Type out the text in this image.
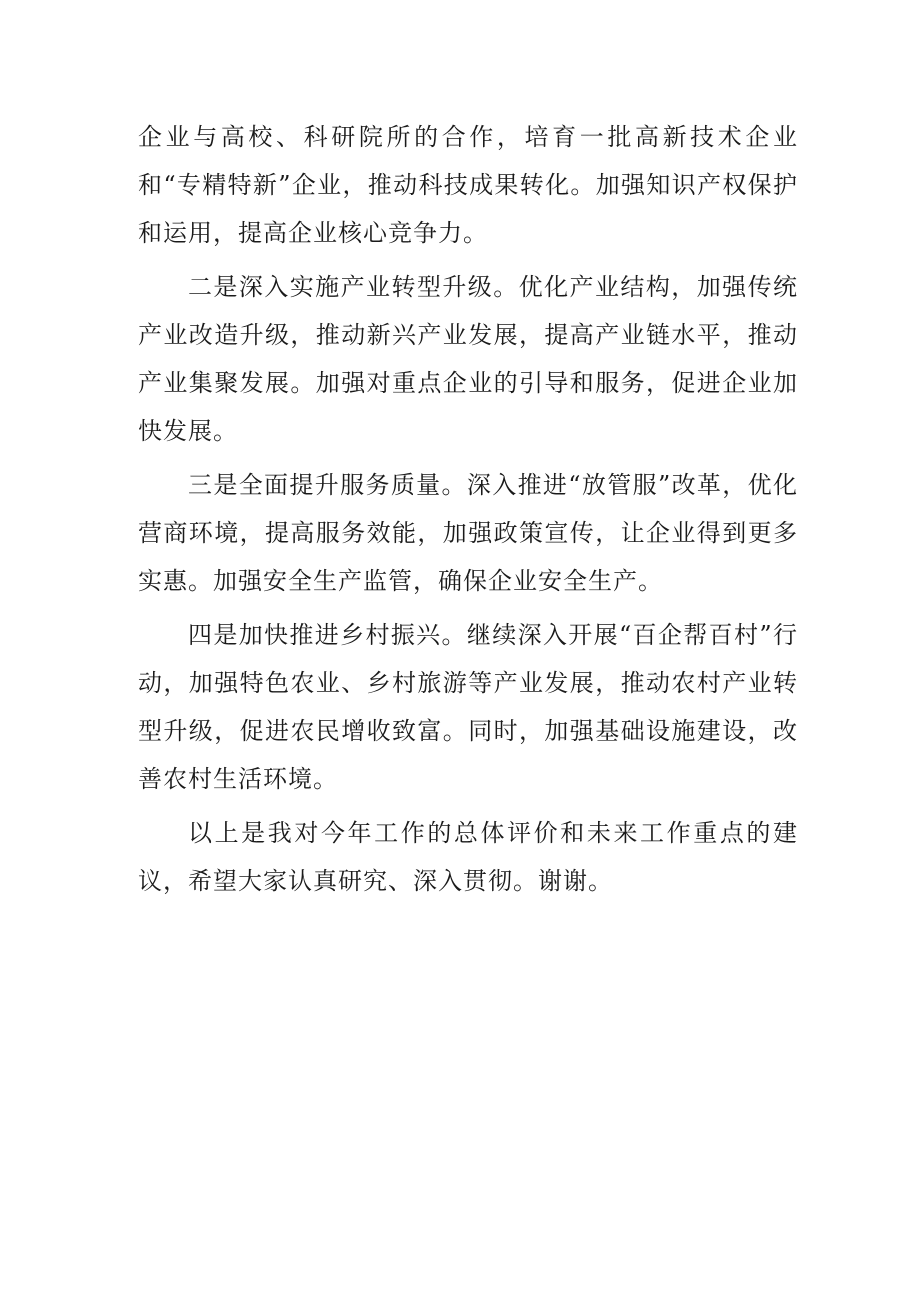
企业与高校、科研院所的合作，培育一批高新技术企业和“专精特新”企业，推动科技成果转化。加强知识产权保护和运用，提高企业核心竞争力。

二是深入实施产业转型升级。优化产业结构，加强传统产业改造升级，推动新兴产业发展，提高产业链水平，推动产业集聚发展。加强对重点企业的引导和服务，促进企业加快发展。

三是全面提升服务质量。深入推进“放管服”改革，优化营商环境，提高服务效能，加强政策宣传，让企业得到更多实惠。加强安全生产监管，确保企业安全生产。

四是加快推进乡村振兴。继续深入开展“百企帮百村”行动，加强特色农业、乡村旅游等产业发展，推动农村产业转型升级，促进农民增收致富。同时，加强基础设施建设，改善农村生活环境。

以上是我对今年工作的总体评价和未来工作重点的建议，希望大家认真研究、深入贯彻。谢谢。
